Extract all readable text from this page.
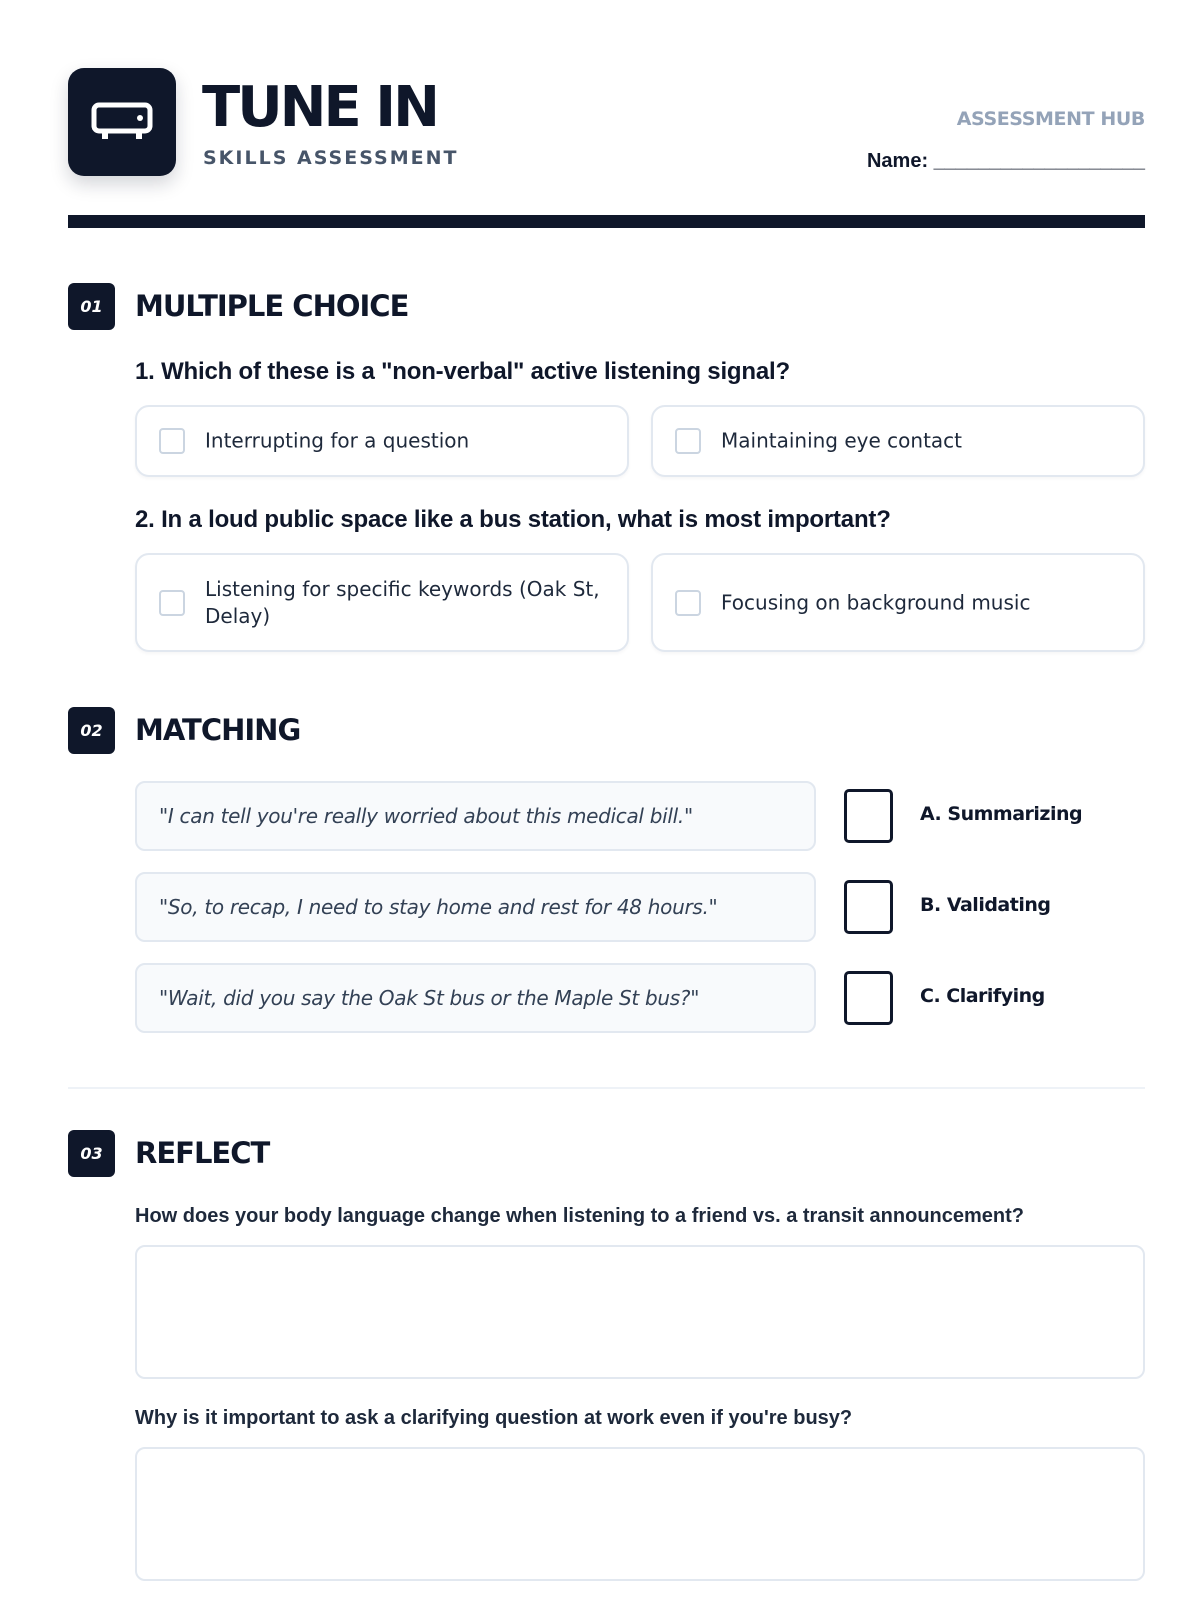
TUNE IN
SKILLS ASSESSMENT
ASSESSMENT HUB
Name: ___________________
01	MULTIPLE CHOICE
1. Which of these is a "non-verbal" active listening signal?
Interrupting for a question	Maintaining eye contact
2. In a loud public space like a bus station, what is most important?
Listening for specific keywords (Oak St, Delay)
Focusing on background music
02	MATCHING
"I can tell you're really worried about this medical bill."	A. Summarizing
"So, to recap, I need to stay home and rest for 48 hours."	B. Validating
"Wait, did you say the Oak St bus or the Maple St bus?"	C. Clarifying
03	REFLECT
How does your body language change when listening to a friend vs. a transit announcement?
Why is it important to ask a clarifying question at work even if you're busy?
